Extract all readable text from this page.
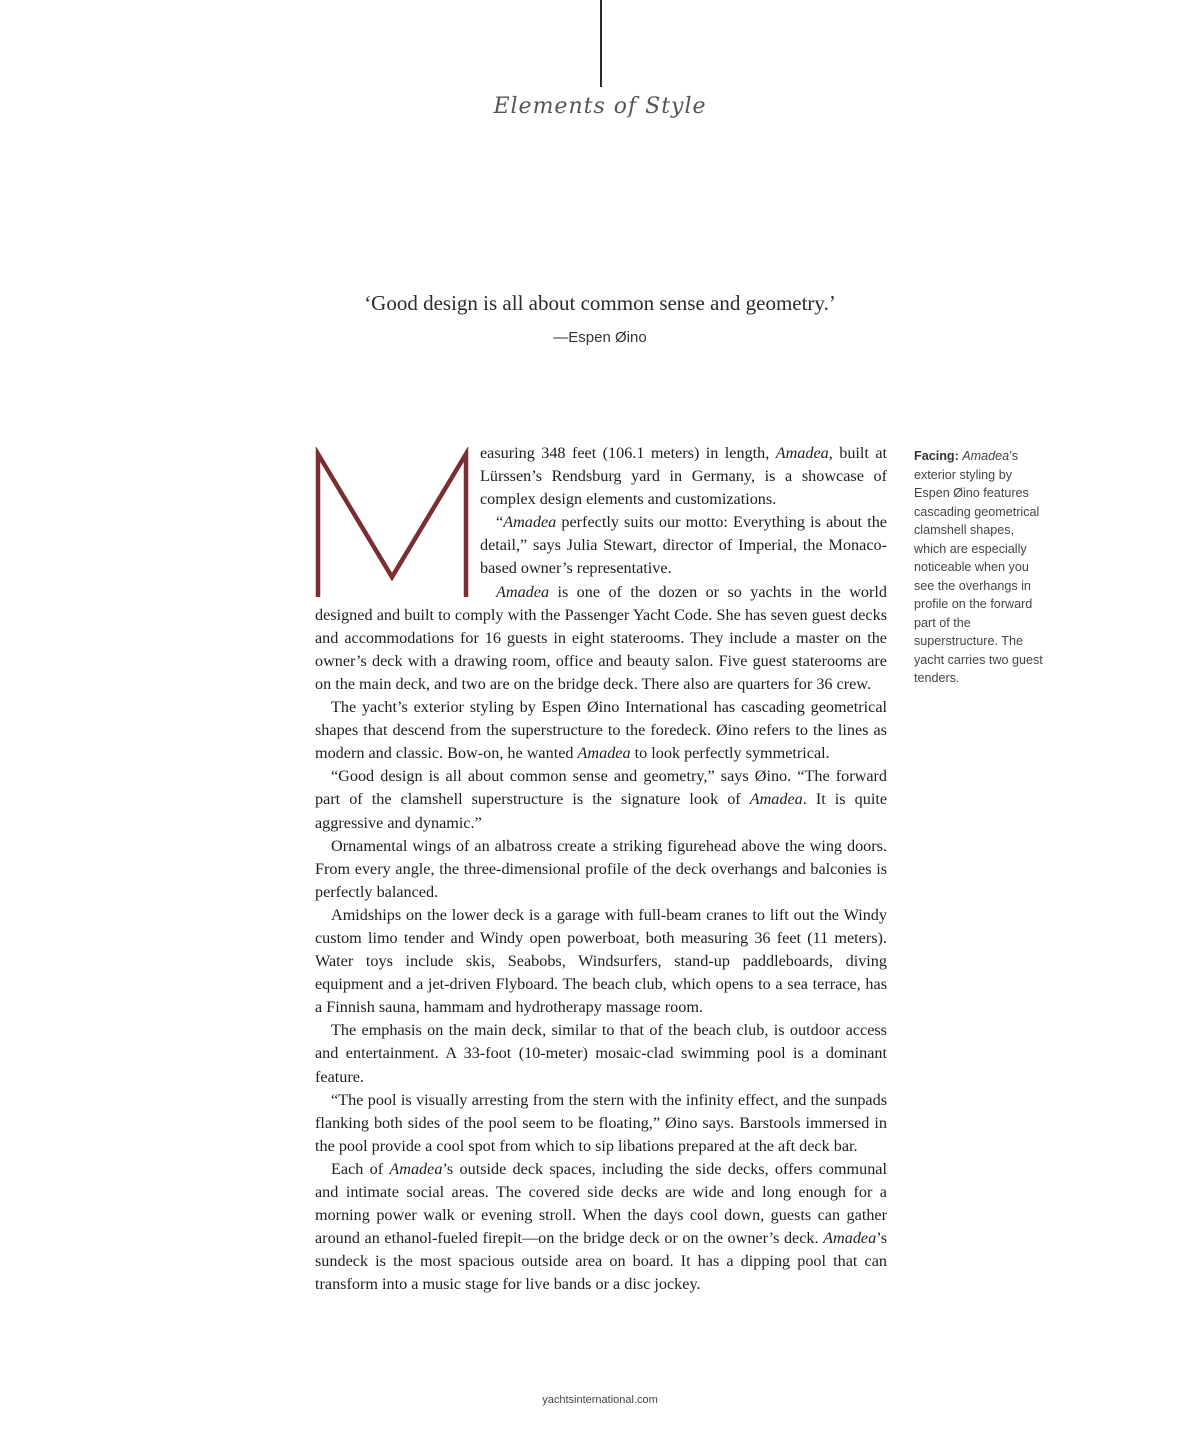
Elements of Style
‘Good design is all about common sense and geometry.’
—Espen Øino
M	easuring 348 feet (106.1 meters) in length, Amadea, built at Lürssen’s Rendsburg yard in Germany, is a showcase of complex design elements and customizations.

“Amadea perfectly suits our motto: Everything is about the detail,” says Julia Stewart, director of Imperial, the Monaco-based owner’s representative.

Amadea is one of the dozen or so yachts in the world designed and built to comply with the Passenger Yacht Code. She has seven guest decks and accommodations for 16 guests in eight staterooms. They include a master on the owner’s deck with a drawing room, office and beauty salon. Five guest staterooms are on the main deck, and two are on the bridge deck. There also are quarters for 36 crew.

The yacht’s exterior styling by Espen Øino International has cascading geometrical shapes that descend from the superstructure to the foredeck. Øino refers to the lines as modern and classic. Bow-on, he wanted Amadea to look perfectly symmetrical.

“Good design is all about common sense and geometry,” says Øino. “The forward part of the clamshell superstructure is the signature look of Amadea. It is quite aggressive and dynamic.”

Ornamental wings of an albatross create a striking figurehead above the wing doors. From every angle, the three-dimensional profile of the deck overhangs and balconies is perfectly balanced.

Amidships on the lower deck is a garage with full-beam cranes to lift out the Windy custom limo tender and Windy open powerboat, both measuring 36 feet (11 meters). Water toys include skis, Seabobs, Windsurfers, stand-up paddleboards, diving equipment and a jet-driven Flyboard. The beach club, which opens to a sea terrace, has a Finnish sauna, hammam and hydrotherapy massage room.

The emphasis on the main deck, similar to that of the beach club, is outdoor access and entertainment. A 33-foot (10-meter) mosaic-clad swimming pool is a dominant feature.

“The pool is visually arresting from the stern with the infinity effect, and the sunpads flanking both sides of the pool seem to be floating,” Øino says. Barstools immersed in the pool provide a cool spot from which to sip libations prepared at the aft deck bar.

Each of Amadea’s outside deck spaces, including the side decks, offers communal and intimate social areas. The covered side decks are wide and long enough for a morning power walk or evening stroll. When the days cool down, guests can gather around an ethanol-fueled firepit—on the bridge deck or on the owner’s deck. Amadea’s sundeck is the most spacious outside area on board. It has a dipping pool that can transform into a music stage for live bands or a disc jockey.

Facing: Amadea’s exterior styling by Espen Øino features cascading geometrical clamshell shapes, which are especially noticeable when you see the overhangs in profile on the forward part of the superstructure. The yacht carries two guest tenders.
yachtsinternational.com
